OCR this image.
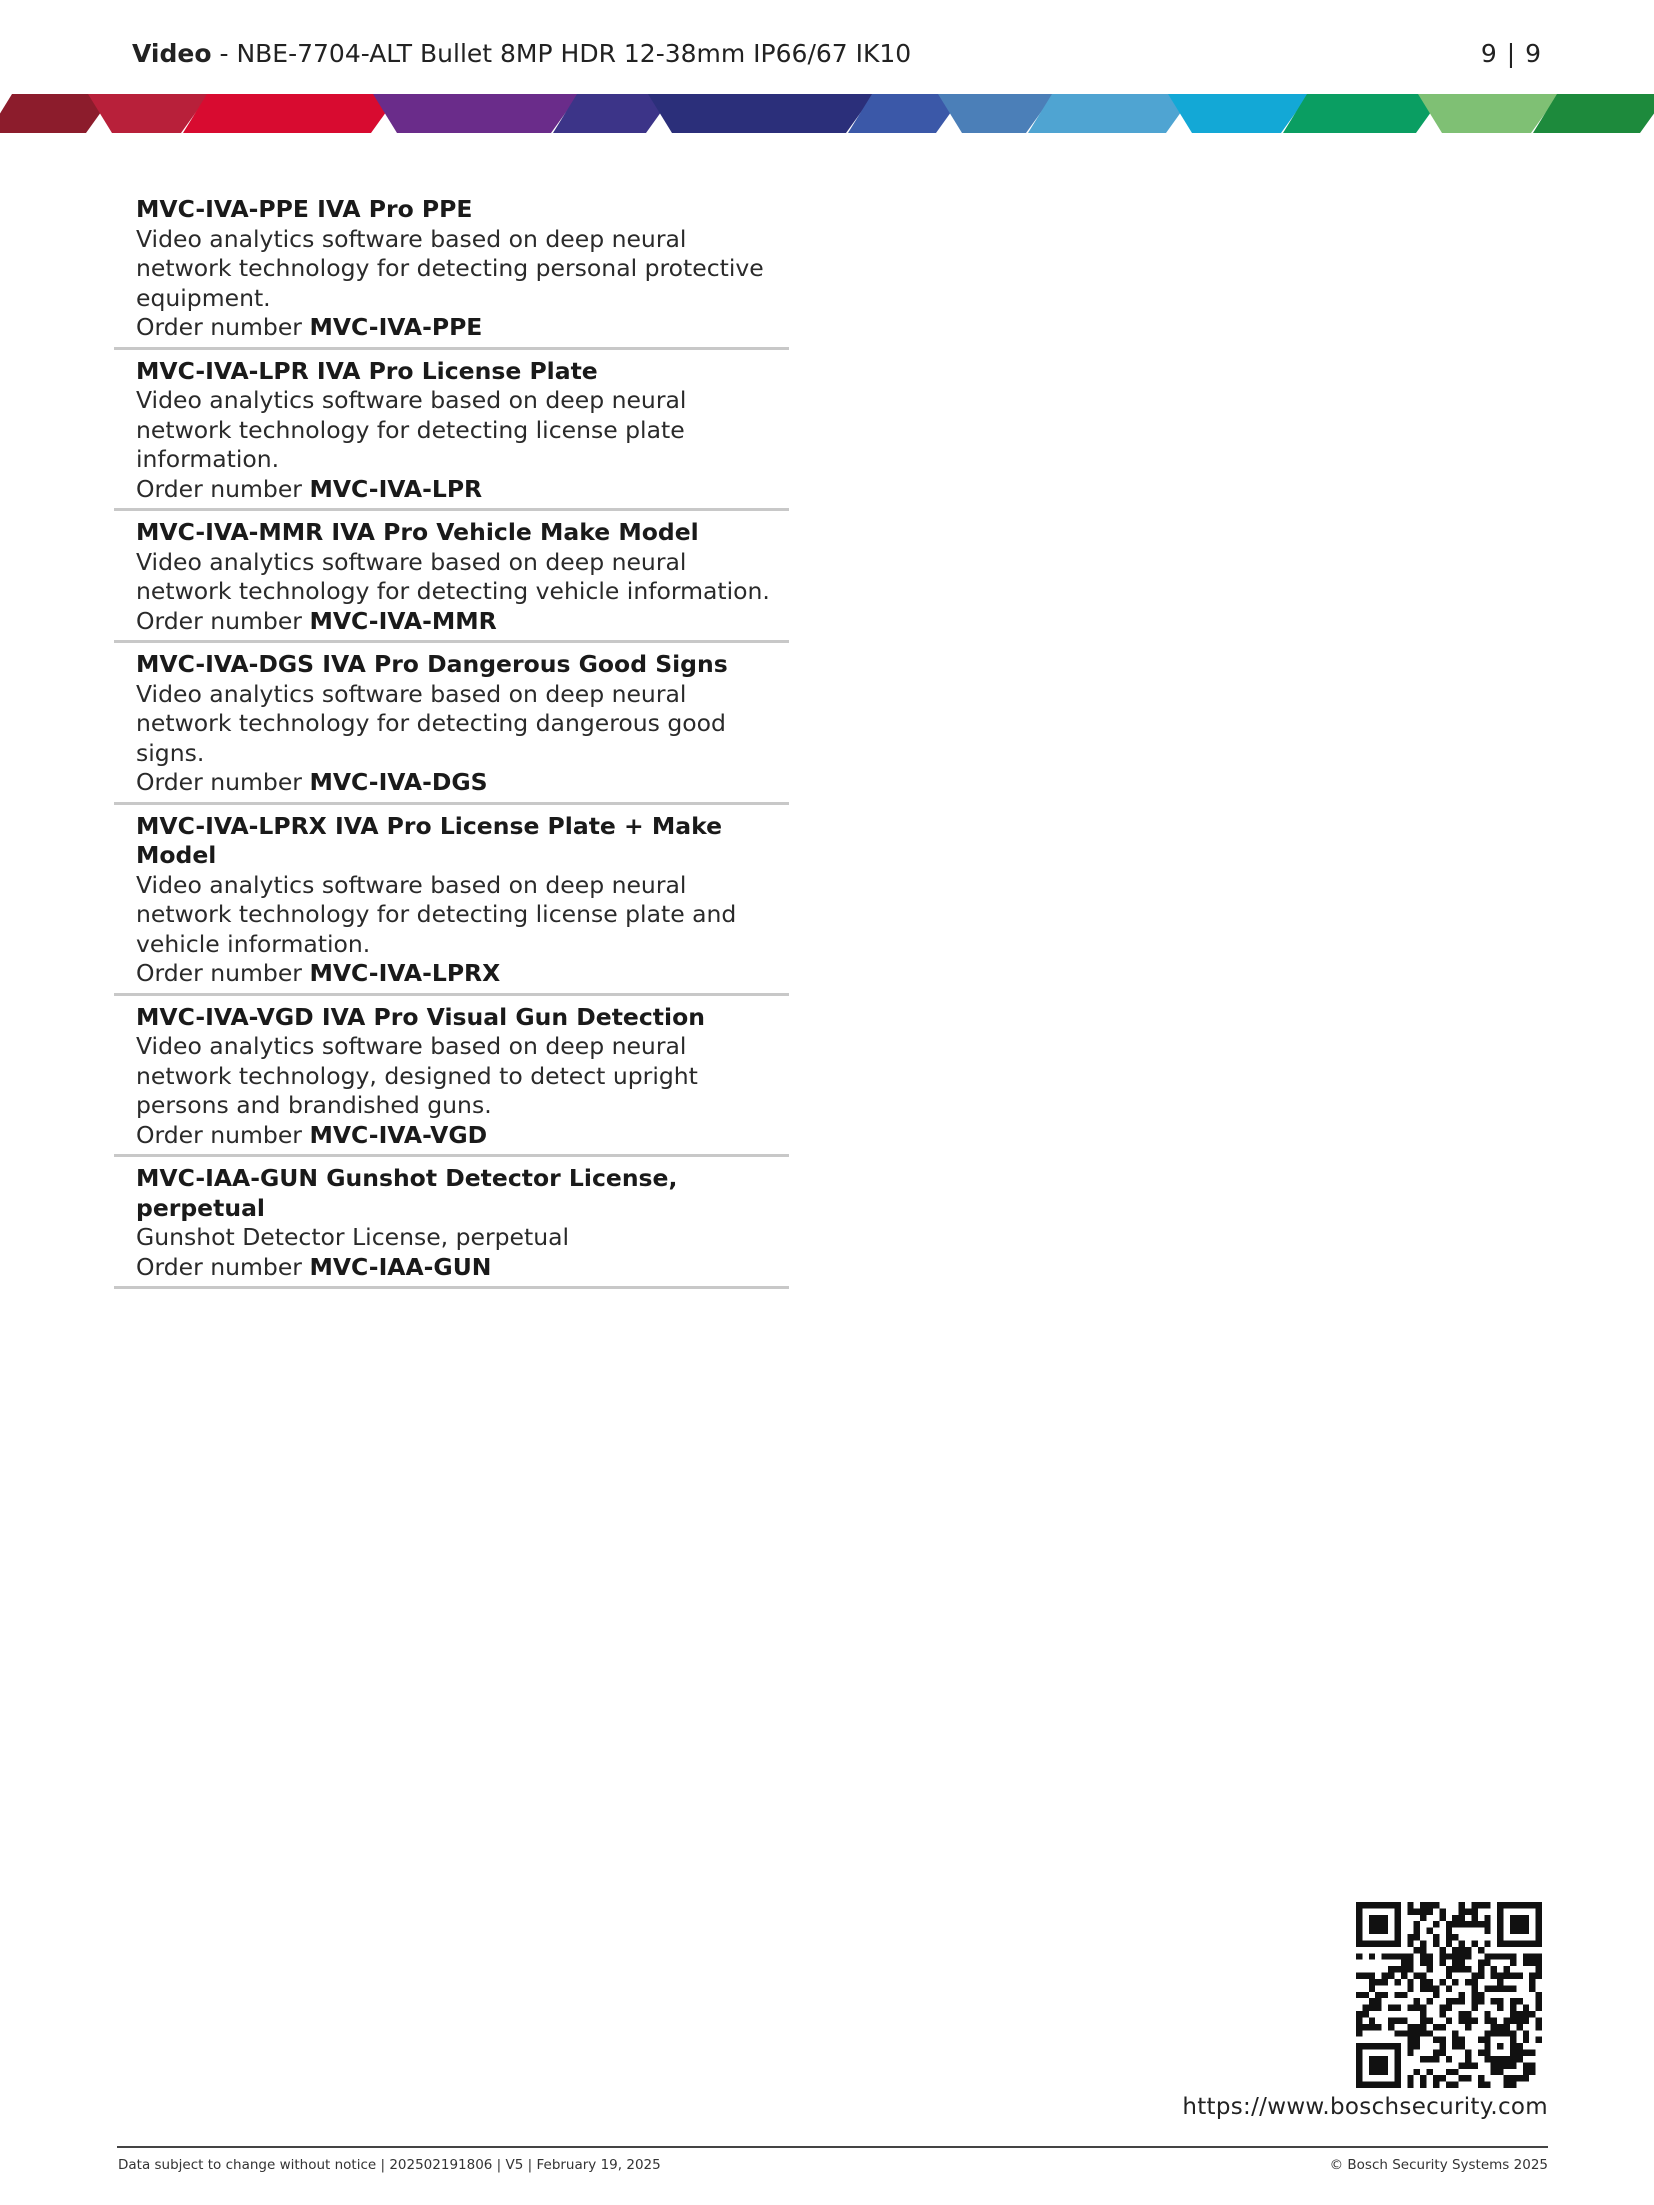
Video - NBE-7704-ALT Bullet 8MP HDR 12-38mm IP66/67 IK10	9 | 9
MVC-IVA-PPE IVA Pro PPE
Video analytics software based on deep neural network technology for detecting personal protective equipment.
Order number MVC-IVA-PPE
MVC-IVA-LPR IVA Pro License Plate
Video analytics software based on deep neural network technology for detecting license plate information.
Order number MVC-IVA-LPR
MVC-IVA-MMR IVA Pro Vehicle Make Model
Video analytics software based on deep neural network technology for detecting vehicle information.
Order number MVC-IVA-MMR
MVC-IVA-DGS IVA Pro Dangerous Good Signs
Video analytics software based on deep neural network technology for detecting dangerous good signs.
Order number MVC-IVA-DGS
MVC-IVA-LPRX IVA Pro License Plate + Make Model
Video analytics software based on deep neural network technology for detecting license plate and vehicle information.
Order number MVC-IVA-LPRX
MVC-IVA-VGD IVA Pro Visual Gun Detection
Video analytics software based on deep neural network technology, designed to detect upright persons and brandished guns.
Order number MVC-IVA-VGD
MVC-IAA-GUN Gunshot Detector License, perpetual
Gunshot Detector License, perpetual
Order number MVC-IAA-GUN
https://www.boschsecurity.com
Data subject to change without notice | 202502191806 | V5 | February 19, 2025	© Bosch Security Systems 2025
